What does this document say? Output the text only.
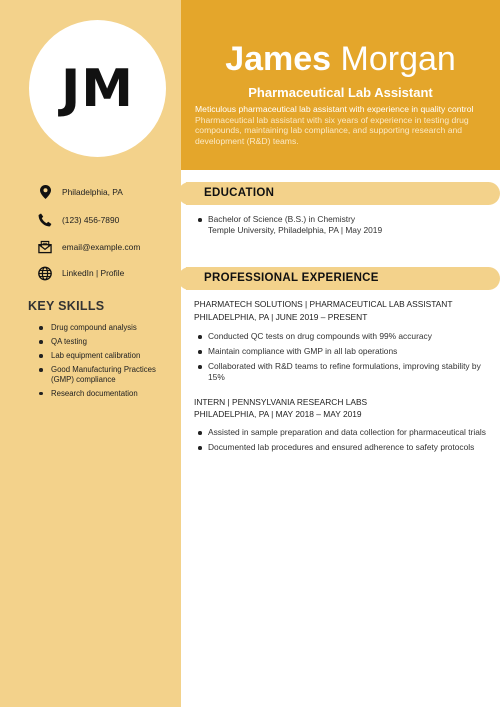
JM	James Morgan
Pharmaceutical Lab Assistant
Meticulous pharmaceutical lab assistant with experience in quality control
Pharmaceutical lab assistant with six years of experience in testing drug compounds, maintaining lab compliance, and supporting research and development (R&D) teams.
Philadelphia, PA
(123) 456-7890
email@example.com
LinkedIn | Profile
KEY SKILLS
Drug compound analysis
QA testing
Lab equipment calibration
Good Manufacturing Practices (GMP) compliance
Research documentation
EDUCATION
Bachelor of Science (B.S.) in Chemistry
Temple University, Philadelphia, PA | May 2019
PROFESSIONAL EXPERIENCE
PHARMATECH SOLUTIONS | PHARMACEUTICAL LAB ASSISTANT
PHILADELPHIA, PA | JUNE 2019 – PRESENT
Conducted QC tests on drug compounds with 99% accuracy
Maintain compliance with GMP in all lab operations
Collaborated with R&D teams to refine formulations, improving stability by 15%
INTERN | PENNSYLVANIA RESEARCH LABS
PHILADELPHIA, PA | MAY 2018 – MAY 2019
Assisted in sample preparation and data collection for pharmaceutical trials
Documented lab procedures and ensured adherence to safety protocols
